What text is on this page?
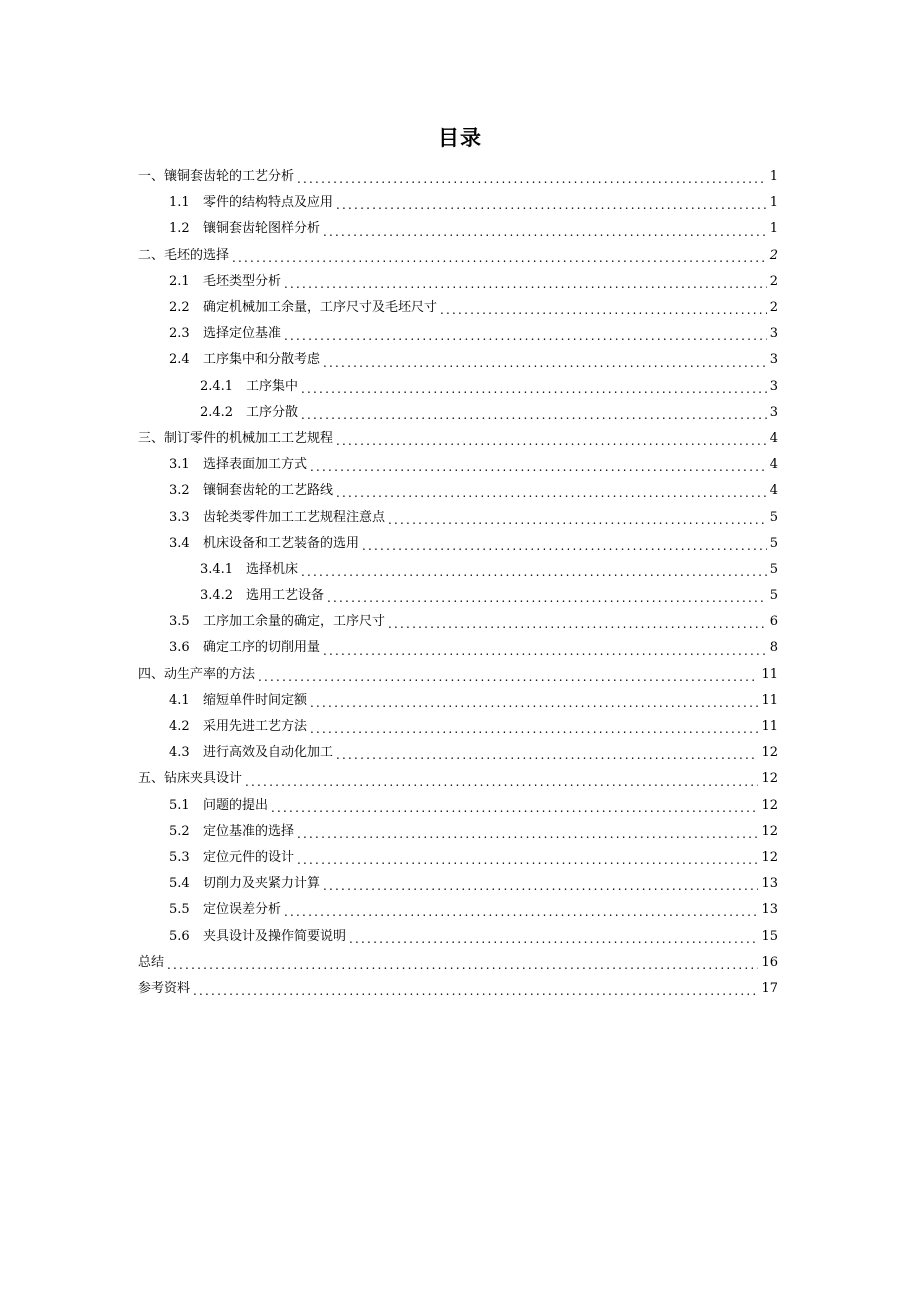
目录
一、镶铜套齿轮的工艺分析 .....	1
1.1	零件的结构特点及应用 .....	1
1.2	镶铜套齿轮图样分析 .....	1
二、毛坯的选择 .....	2
2.1	毛坯类型分析 .....	2
2.2	确定机械加工余量，工序尺寸及毛坯尺寸 .....	2
2.3	选择定位基准 .....	3
2.4	工序集中和分散考虑 .....	3
2.4.1 工序集中 .....	3
2.4.2 工序分散 .....	3
三、制订零件的机械加工工艺规程 .....	4
3.1	选择表面加工方式 .....	4
3.2	镶铜套齿轮的工艺路线 .....	4
3.3	齿轮类零件加工工艺规程注意点 .....	5
3.4	机床设备和工艺装备的选用 .....	5
3.4.1 选择机床 .....	5
3.4.2 选用工艺设备 .....	5
3.5	工序加工余量的确定，工序尺寸 .....	6
3.6	确定工序的切削用量 .....	8
四、动生产率的方法 .....	11
4.1	缩短单件时间定额 .....	11
4.2	采用先进工艺方法 .....	11
4.3	进行高效及自动化加工 .....	12
五、钻床夹具设计 .....	12
5.1	问题的提出 .....	12
5.2	定位基准的选择 .....	12
5.3	定位元件的设计 .....	12
5.4	切削力及夹紧力计算 .....	13
5.5	定位误差分析 .....	13
5.6	夹具设计及操作简要说明 .....	15
总结 .....	16
参考资料 .....	17
